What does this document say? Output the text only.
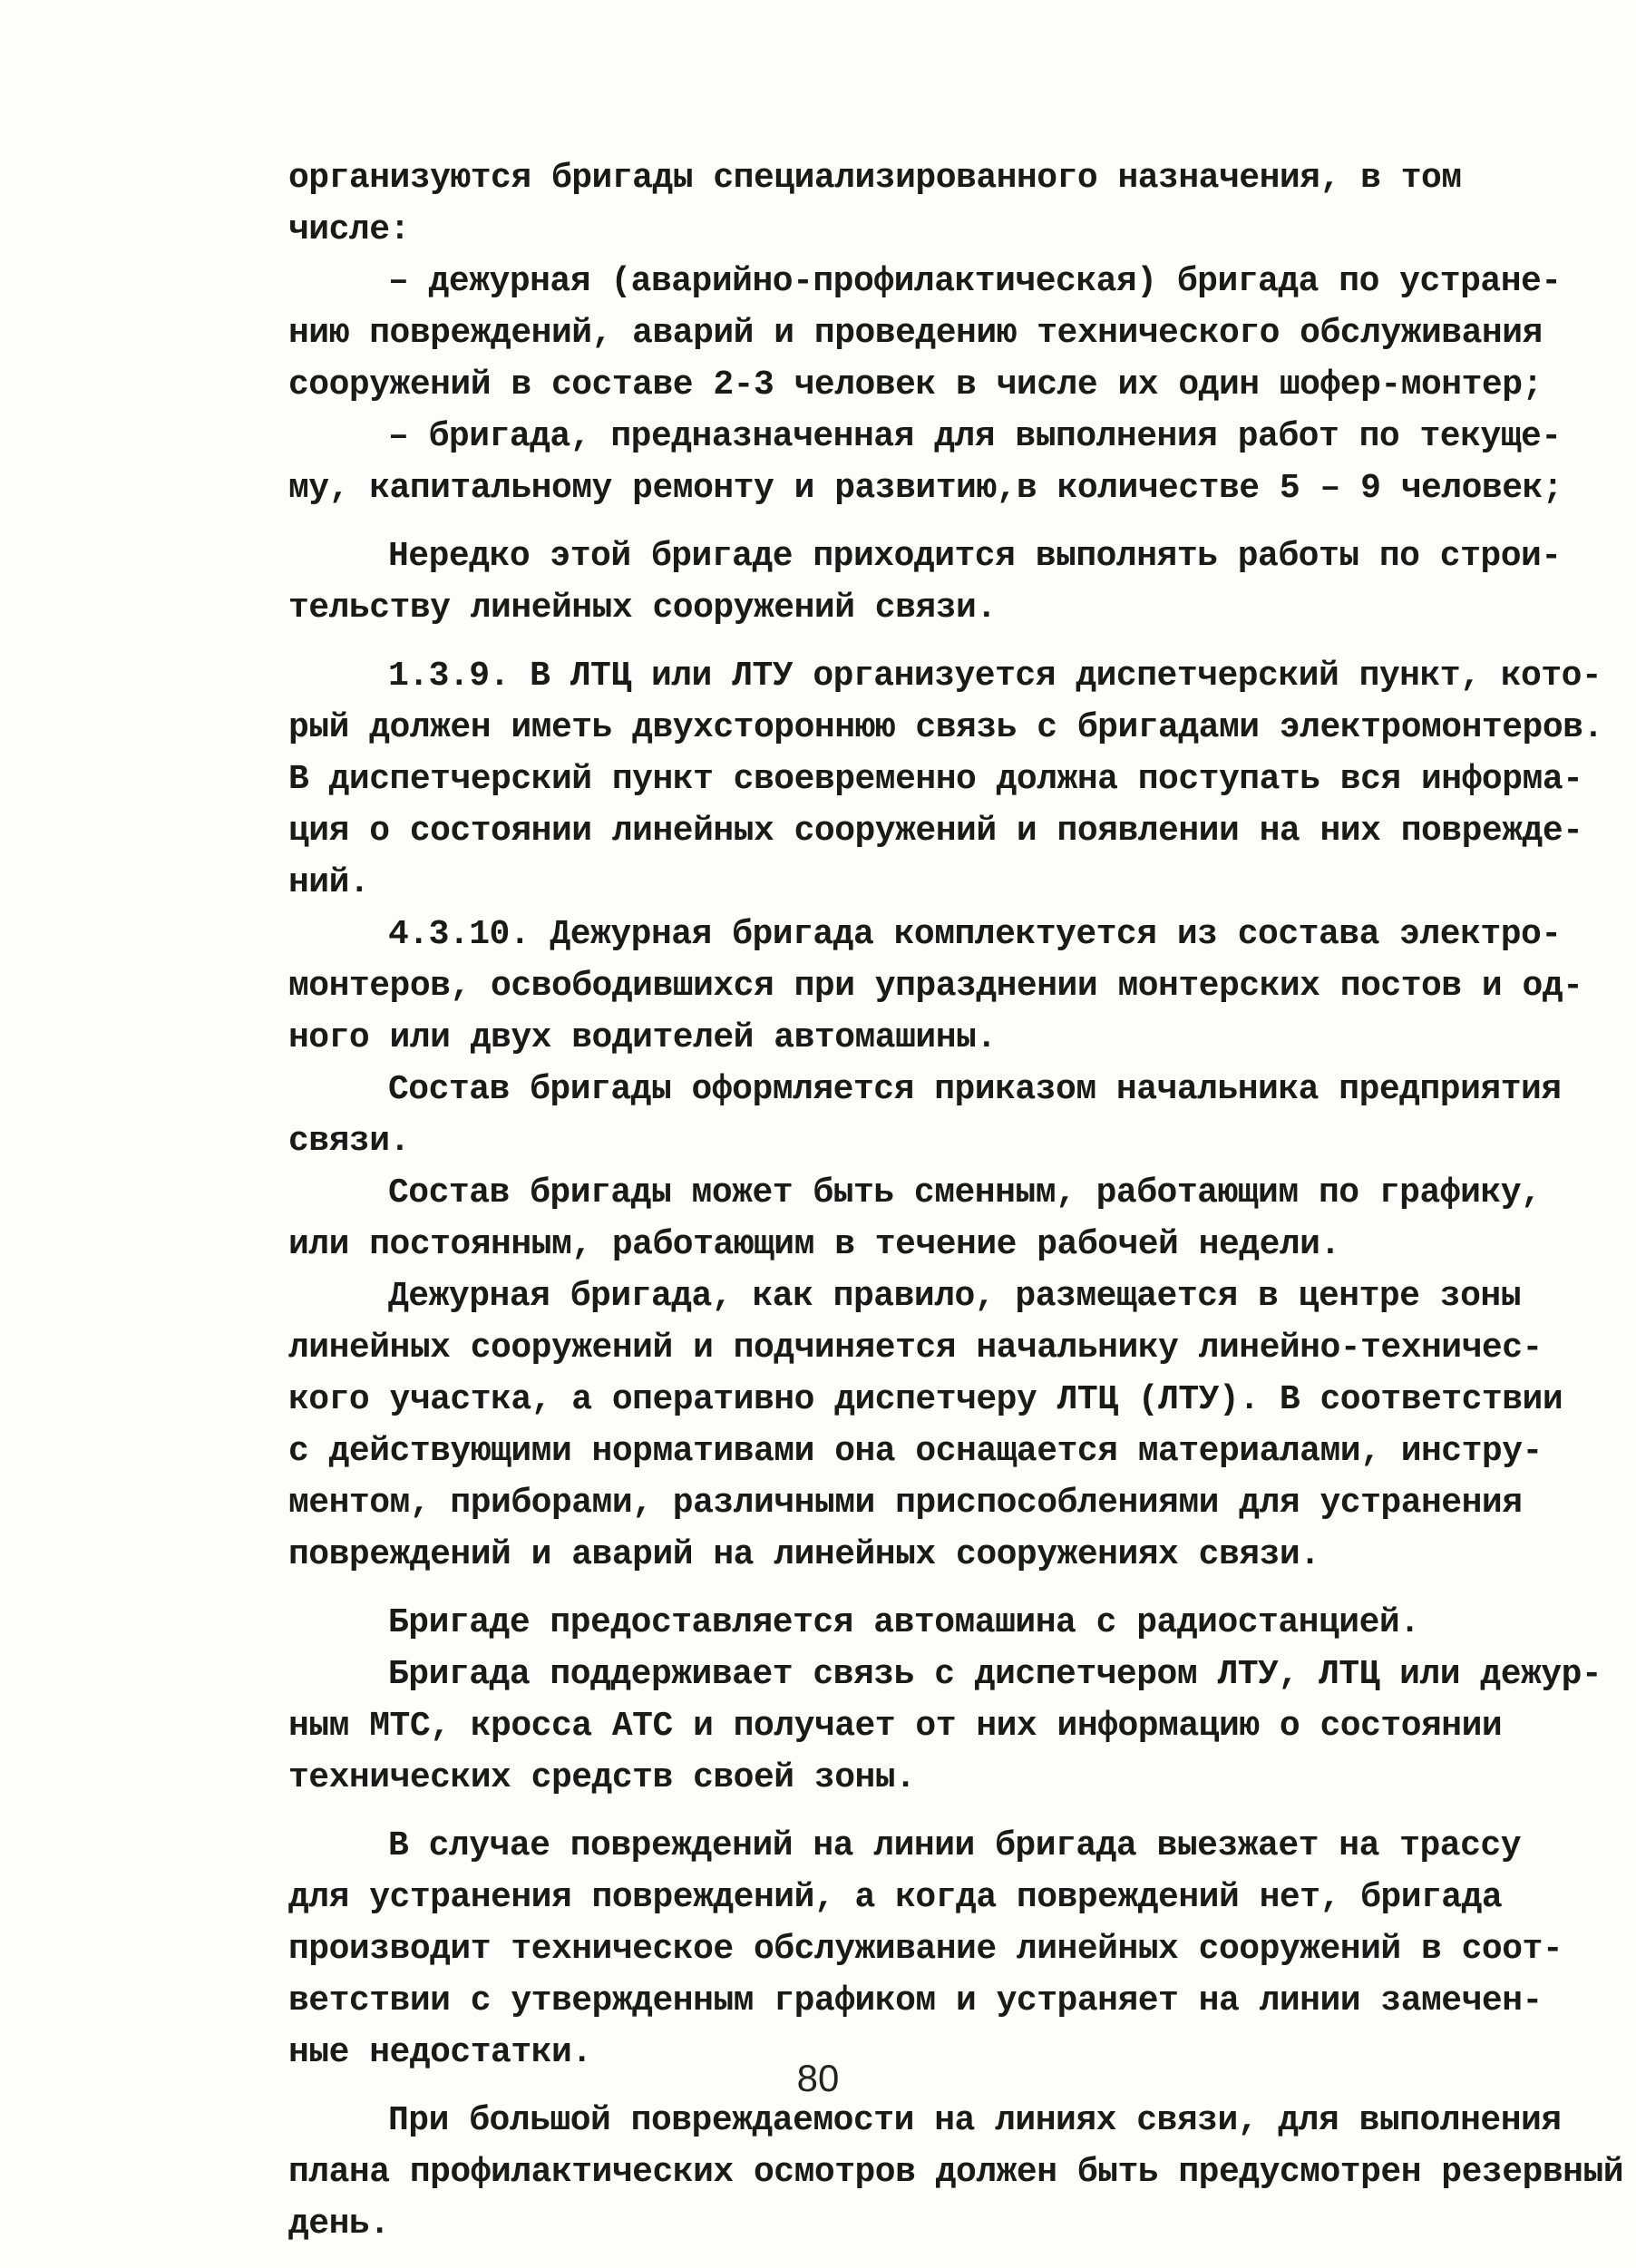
организуются бригады специализированного назначения, в том
числе:
– дежурная (аварийно-профилактическая) бригада по устране-
нию повреждений, аварий и проведению технического обслуживания
сооружений в составе 2-3 человек в числе их один шофер-монтер;
– бригада, предназначенная для выполнения работ по текуще-
му, капитальному ремонту и развитию,в количестве 5 – 9 человек;
Нередко этой бригаде приходится выполнять работы по строи-
тельству линейных сооружений связи.
1.3.9. В ЛТЦ или ЛТУ организуется диспетчерский пункт, кото-
рый должен иметь двухстороннюю связь с бригадами электромонтеров.
В диспетчерский пункт своевременно должна поступать вся информа-
ция о состоянии линейных сооружений и появлении на них поврежде-
ний.
4.3.10. Дежурная бригада комплектуется из состава электро-
монтеров, освободившихся при упразднении монтерских постов и од-
ного или двух водителей автомашины.
Состав бригады оформляется приказом начальника предприятия
связи.
Состав бригады может быть сменным, работающим по графику,
или постоянным, работающим в течение рабочей недели.
Дежурная бригада, как правило, размещается в центре зоны
линейных сооружений и подчиняется начальнику линейно-техничес-
кого участка, а оперативно диспетчеру ЛТЦ (ЛТУ). В соответствии
с действующими нормативами она оснащается материалами, инстру-
ментом, приборами, различными приспособлениями для устранения
повреждений и аварий на линейных сооружениях связи.
Бригаде предоставляется автомашина с радиостанцией.
Бригада поддерживает связь с диспетчером ЛТУ, ЛТЦ или дежур-
ным МТС, кросса АТС и получает от них информацию о состоянии
технических средств своей зоны.
В случае повреждений на линии бригада выезжает на трассу
для устранения повреждений, а когда повреждений нет, бригада
производит техническое обслуживание линейных сооружений в соот-
ветствии с утвержденным графиком и устраняет на линии замечен-
ные недостатки.
При большой повреждаемости на линиях связи, для выполнения
плана профилактических осмотров должен быть предусмотрен резервный
день.
80
